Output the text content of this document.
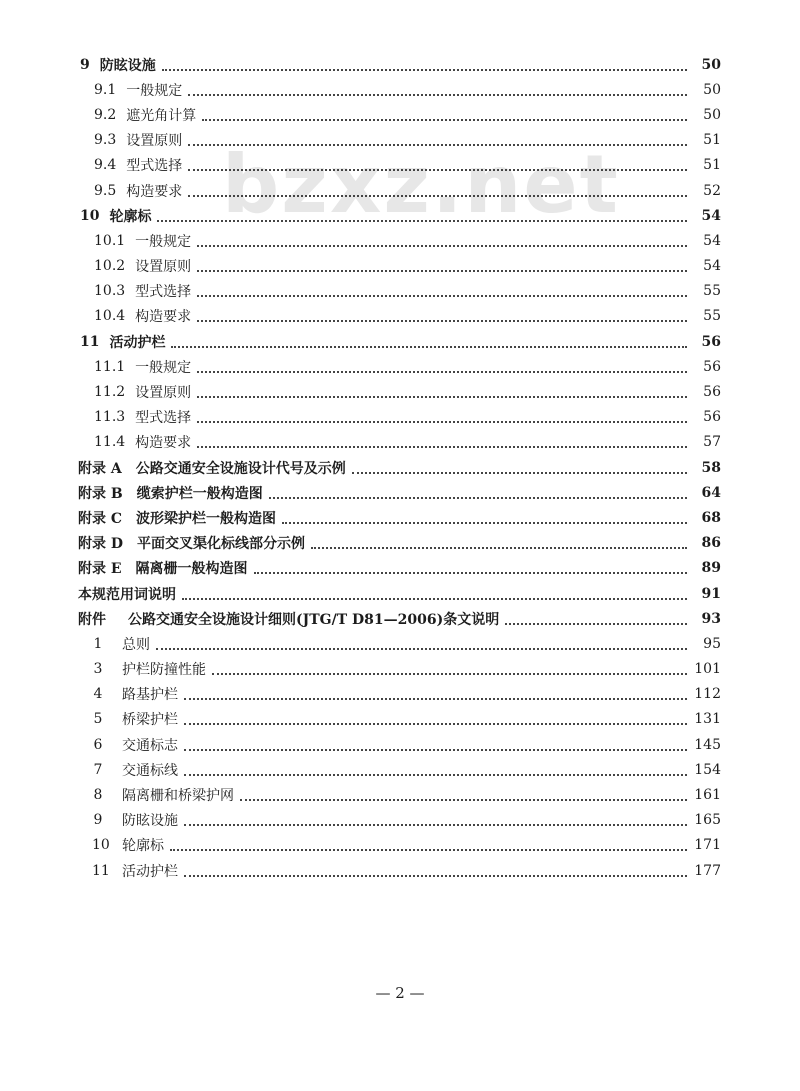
bzxz.net
9 防眩设施	50
9.1 一般规定	50
9.2 遮光角计算	50
9.3 设置原则	51
9.4 型式选择	51
9.5 构造要求	52
10 轮廓标	54
10.1 一般规定	54
10.2 设置原则	54
10.3 型式选择	55
10.4 构造要求	55
11 活动护栏	56
11.1 一般规定	56
11.2 设置原则	56
11.3 型式选择	56
11.4 构造要求	57
附录 A 公路交通安全设施设计代号及示例	58
附录 B 缆索护栏一般构造图	64
附录 C 波形梁护栏一般构造图	68
附录 D 平面交叉渠化标线部分示例	86
附录 E 隔离栅一般构造图	89
本规范用词说明	91
附件 公路交通安全设施设计细则(JTG/T D81—2006)条文说明	93
1 总则	95
3 护栏防撞性能	101
4 路基护栏	112
5 桥梁护栏	131
6 交通标志	145
7 交通标线	154
8 隔离栅和桥梁护网	161
9 防眩设施	165
10 轮廓标	171
11 活动护栏	177
— 2 —
